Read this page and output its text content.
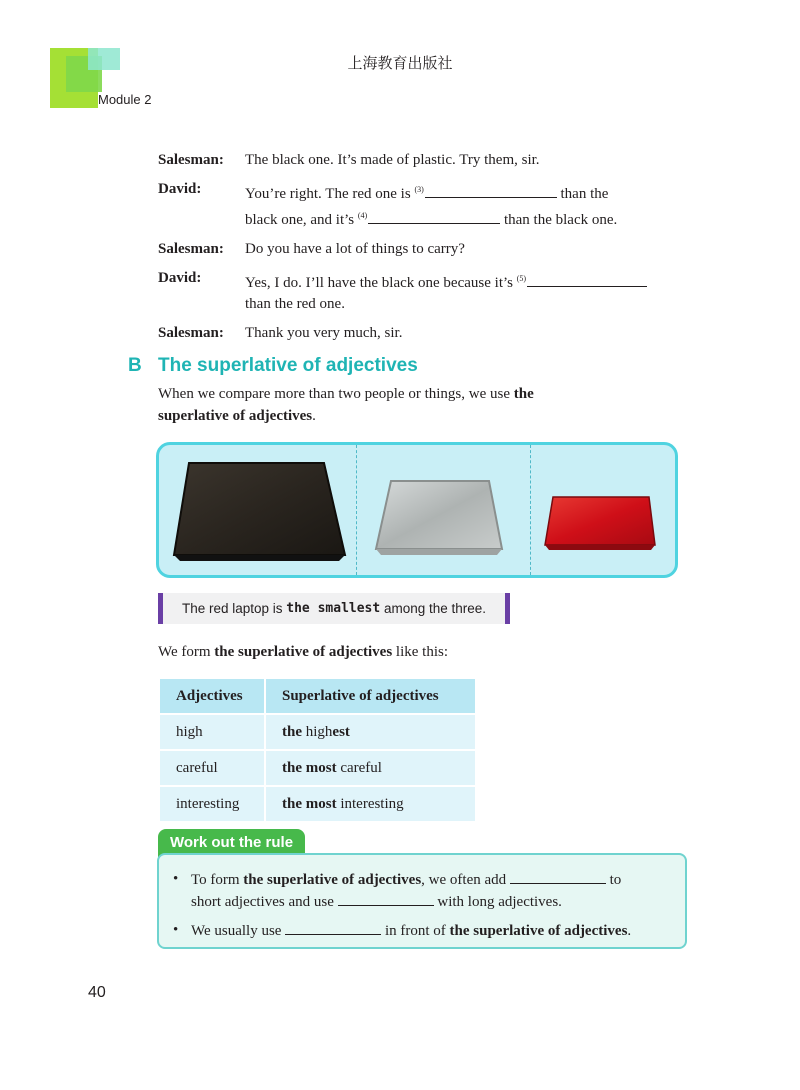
上海教育出版社
Module 2
Salesman:	The black one. It’s made of plastic. Try them, sir.
David:	You’re right. The red one is $^{(3)}$	than the
black one, and it’s $^{(4)}$	than the black one.
Salesman:	Do you have a lot of things to carry?
David:	Yes, I do. I’ll have the black one because it’s $^{(5)}$
than the red one.
Salesman:	Thank you very much, sir.
B The superlative of adjectives
When we compare more than two people or things, we use the
superlative of adjectives.
The red laptop is the smallest among the three.
We form the superlative of adjectives like this:
Adjectives	Superlative of adjectives
high	the highest
careful	the most careful
interesting	the most interesting
Work out the rule
• To form the superlative of adjectives, we often add	to
short adjectives and use	with long adjectives.
• We usually use	in front of the superlative of adjectives.
40
